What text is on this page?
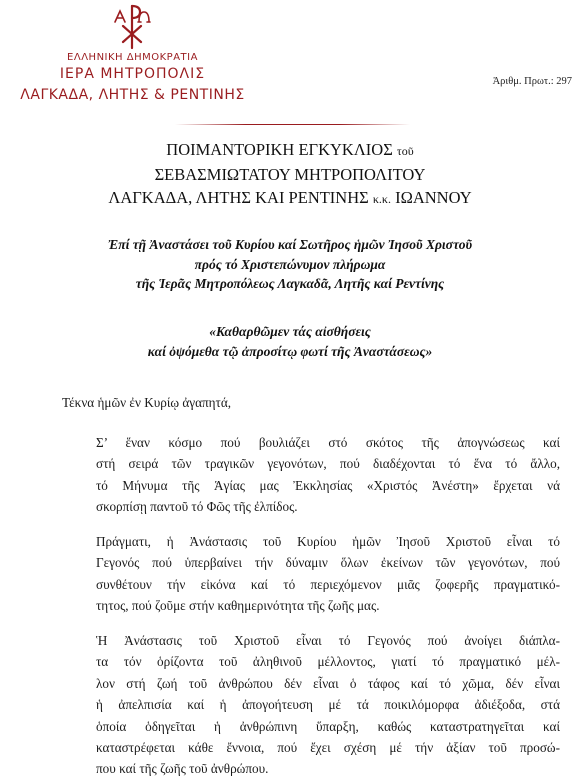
ΕΛΛΗΝΙΚΗ ΔΗΜΟΚΡΑΤΙΑ
ΙΕΡΑ ΜΗΤΡΟΠΟΛΙΣ
ΛΑΓΚΑΔΑ, ΛΗΤΗΣ & ΡΕΝΤΙΝΗΣ
Ἀριθμ. Πρωτ.: 297
ΠΟΙΜΑΝΤΟΡΙΚΗ ΕΓΚΥΚΛΙΟΣ τοῦ
ΣΕΒΑΣΜΙΩΤΑΤΟΥ ΜΗΤΡΟΠΟΛΙΤΟΥ
ΛΑΓΚΑΔΑ, ΛΗΤΗΣ ΚΑΙ ΡΕΝΤΙΝΗΣ κ.κ. ΙΩΑΝΝΟΥ
Ἐπί τῇ Ἀναστάσει τοῦ Κυρίου καί Σωτῆρος ἡμῶν Ἰησοῦ Χριστοῦ
πρός τό Χριστεπώνυμον πλήρωμα
τῆς Ἱερᾶς Μητροπόλεως Λαγκαδᾶ, Λητῆς καί Ρεντίνης
«Καθαρθῶμεν τάς αἰσθήσεις
καί ὀψόμεθα τῷ ἀπροσίτῳ φωτί τῆς Ἀναστάσεως»
Τέκνα ἡμῶν ἐν Κυρίῳ ἀγαπητά,
Σ’ ἕναν κόσμο πού βουλιάζει στό σκότος τῆς ἀπογνώσεως καί
στή σειρά τῶν τραγικῶν γεγονότων, πού διαδέχονται τό ἕνα τό ἄλλο,
τό Μήνυμα τῆς Ἁγίας μας Ἐκκλησίας «Χριστός Ἀνέστη» ἔρχεται νά
σκορπίσῃ παντοῦ τό Φῶς τῆς ἐλπίδος.
Πράγματι, ἡ Ἀνάστασις τοῦ Κυρίου ἡμῶν Ἰησοῦ Χριστοῦ εἶναι τό
Γεγονός πού ὑπερβαίνει τήν δύναμιν ὅλων ἐκείνων τῶν γεγονότων, πού
συνθέτουν τήν εἰκόνα καί τό περιεχόμενον μιᾶς ζοφερῆς πραγματικό-
τητος, πού ζοῦμε στήν καθημερινότητα τῆς ζωῆς μας.
Ἡ Ἀνάστασις τοῦ Χριστοῦ εἶναι τό Γεγονός πού ἀνοίγει διάπλα-
τα τόν ὁρίζοντα τοῦ ἀληθινοῦ μέλλοντος, γιατί τό πραγματικό μέλ-
λον στή ζωή τοῦ ἀνθρώπου δέν εἶναι ὁ τάφος καί τό χῶμα, δέν εἶναι
ἡ ἀπελπισία καί ἡ ἀπογοήτευση μέ τά ποικιλόμορφα ἀδιέξοδα, στά
ὁποία ὁδηγεῖται ἡ ἀνθρώπινη ὕπαρξη, καθώς καταστρατηγεῖται καί
καταστρέφεται κάθε ἔννοια, πού ἔχει σχέση μέ τήν ἀξίαν τοῦ προσώ-
που καί τῆς ζωῆς τοῦ ἀνθρώπου.
